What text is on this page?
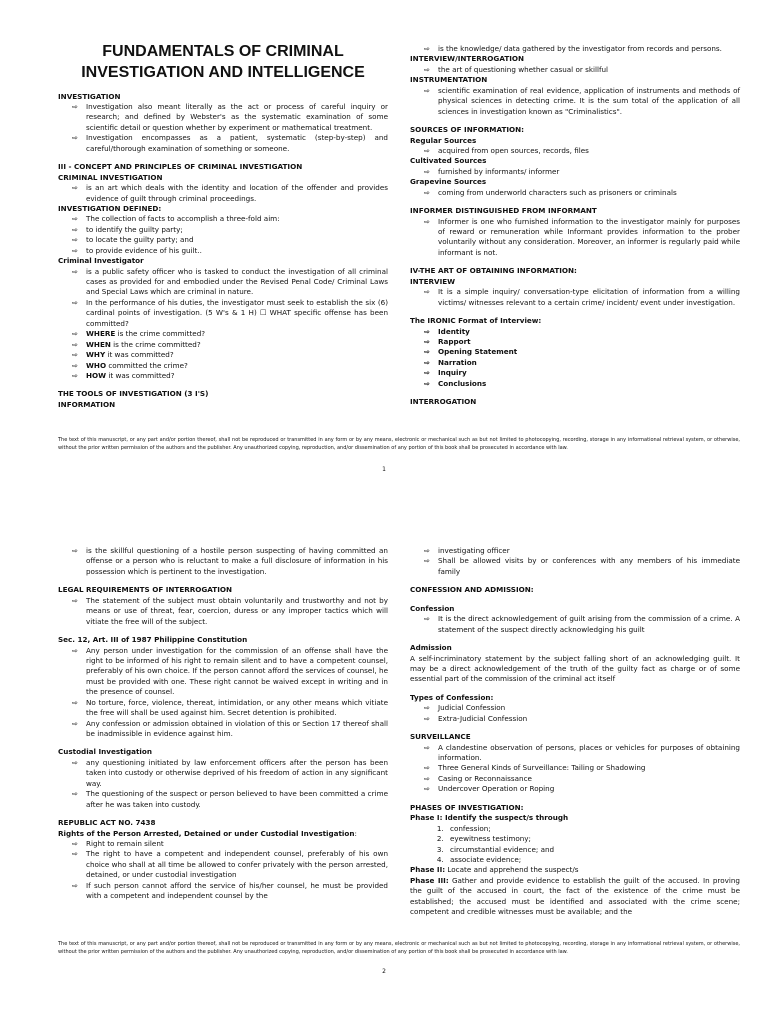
FUNDAMENTALS OF CRIMINAL INVESTIGATION AND INTELLIGENCE
INVESTIGATION
⇨ Investigation also meant literally as the act or process of careful inquiry or research; and defined by Webster's as the systematic examination of some scientific detail or question whether by experiment or mathematical treatment.
⇨ Investigation encompasses as a patient, systematic (step-by-step) and careful/thorough examination of something or someone.
III - CONCEPT AND PRINCIPLES OF CRIMINAL INVESTIGATION
CRIMINAL INVESTIGATION
⇨ is an art which deals with the identity and location of the offender and provides evidence of guilt through criminal proceedings.
INVESTIGATION DEFINED:
⇨ The collection of facts to accomplish a three-fold aim:
⇨ to identify the guilty party;
⇨ to locate the guilty party; and
⇨ to provide evidence of his guilt..
Criminal Investigator
⇨ is a public safety officer who is tasked to conduct the investigation of all criminal cases as provided for and embodied under the Revised Penal Code/ Criminal Laws and Special Laws which are criminal in nature.
⇨ In the performance of his duties, the investigator must seek to establish the six (6) cardinal points of investigation. (5 W's & 1 H) ☐ WHAT specific offense has been committed?
⇨ WHERE is the crime committed?
⇨ WHEN is the crime committed?
⇨ WHY it was committed?
⇨ WHO committed the crime?
⇨ HOW it was committed?
THE TOOLS OF INVESTIGATION (3 I'S)
INFORMATION
⇨ is the knowledge/ data gathered by the investigator from records and persons.
INTERVIEW/INTERROGATION
⇨ the art of questioning whether casual or skillful
INSTRUMENTATION
⇨ scientific examination of real evidence, application of instruments and methods of physical sciences in detecting crime. It is the sum total of the application of all sciences in investigation known as "Criminalistics".
SOURCES OF INFORMATION:
Regular Sources
⇨ acquired from open sources, records, files
Cultivated Sources
⇨ furnished by informants/ informer
Grapevine Sources
⇨ coming from underworld characters such as prisoners or criminals
INFORMER DISTINGUISHED FROM INFORMANT
⇨ Informer is one who furnished information to the investigator mainly for purposes of reward or remuneration while Informant provides information to the prober voluntarily without any consideration. Moreover, an informer is regularly paid while informant is not.
IV-THE ART OF OBTAINING INFORMATION:
INTERVIEW
⇨ It is a simple inquiry/ conversation-type elicitation of information from a willing victims/ witnesses relevant to a certain crime/ incident/ event under investigation.
The IRONIC Format of Interview:
⇨ Identity
⇨ Rapport
⇨ Opening Statement
⇨ Narration
⇨ Inquiry
⇨ Conclusions
INTERROGATION
The text of this manuscript, or any part and/or portion thereof, shall not be reproduced or transmitted in any form or by any means, electronic or mechanical such as but not limited to photocopying, recording, storage in any informational retrieval system, or otherwise, without the prior written permission of the authors and the publisher. Any unauthorized copying, reproduction, and/or dissemination of any portion of this book shall be prosecuted in accordance with law.
1
⇨ is the skillful questioning of a hostile person suspecting of having committed an offense or a person who is reluctant to make a full disclosure of information in his possession which is pertinent to the investigation.
LEGAL REQUIREMENTS OF INTERROGATION
⇨ The statement of the subject must obtain voluntarily and trustworthy and not by means or use of threat, fear, coercion, duress or any improper tactics which will vitiate the free will of the subject.
Sec. 12, Art. III of 1987 Philippine Constitution
⇨ Any person under investigation for the commission of an offense shall have the right to be informed of his right to remain silent and to have a competent counsel, preferably of his own choice. If the person cannot afford the services of counsel, he must be provided with one. These right cannot be waived except in writing and in the presence of counsel.
⇨ No torture, force, violence, thereat, intimidation, or any other means which vitiate the free will shall be used against him. Secret detention is prohibited.
⇨ Any confession or admission obtained in violation of this or Section 17 thereof shall be inadmissible in evidence against him.
Custodial Investigation
⇨ any questioning initiated by law enforcement officers after the person has been taken into custody or otherwise deprived of his freedom of action in any significant way.
⇨ The questioning of the suspect or person believed to have been committed a crime after he was taken into custody.
REPUBLIC ACT NO. 7438
Rights of the Person Arrested, Detained or under Custodial Investigation:
⇨ Right to remain silent
⇨ The right to have a competent and independent counsel, preferably of his own choice who shall at all time be allowed to confer privately with the person arrested, detained, or under custodial investigation
⇨ If such person cannot afford the service of his/her counsel, he must be provided with a competent and independent counsel by the
⇨ investigating officer
⇨ Shall be allowed visits by or conferences with any members of his immediate family
CONFESSION AND ADMISSION:
Confession
⇨ It is the direct acknowledgement of guilt arising from the commission of a crime. A statement of the suspect directly acknowledging his guilt
Admission

A self-incriminatory statement by the subject falling short of an acknowledging guilt. It may be a direct acknowledgement of the truth of the guilty fact as charge or of some essential part of the commission of the criminal act itself

Types of Confession:
⇨ Judicial Confession
⇨ Extra-Judicial Confession
SURVEILLANCE
⇨ A clandestine observation of persons, places or vehicles for purposes of obtaining information.
⇨ Three General Kinds of Surveillance: Tailing or Shadowing
⇨ Casing or Reconnaissance
⇨ Undercover Operation or Roping
PHASES OF INVESTIGATION:
Phase I: Identify the suspect/s through
1. confession;
2. eyewitness testimony;
3. circumstantial evidence; and
4. associate evidence;

Phase II: Locate and apprehend the suspect/s

Phase III: Gather and provide evidence to establish the guilt of the accused. In proving the guilt of the accused in court, the fact of the existence of the crime must be established; the accused must be identified and associated with the crime scene; competent and credible witnesses must be available; and the

The text of this manuscript, or any part and/or portion thereof, shall not be reproduced or transmitted in any form or by any means, electronic or mechanical such as but not limited to photocopying, recording, storage in any informational retrieval system, or otherwise, without the prior written permission of the authors and the publisher. Any unauthorized copying, reproduction, and/or dissemination of any portion of this book shall be prosecuted in accordance with law.
2
